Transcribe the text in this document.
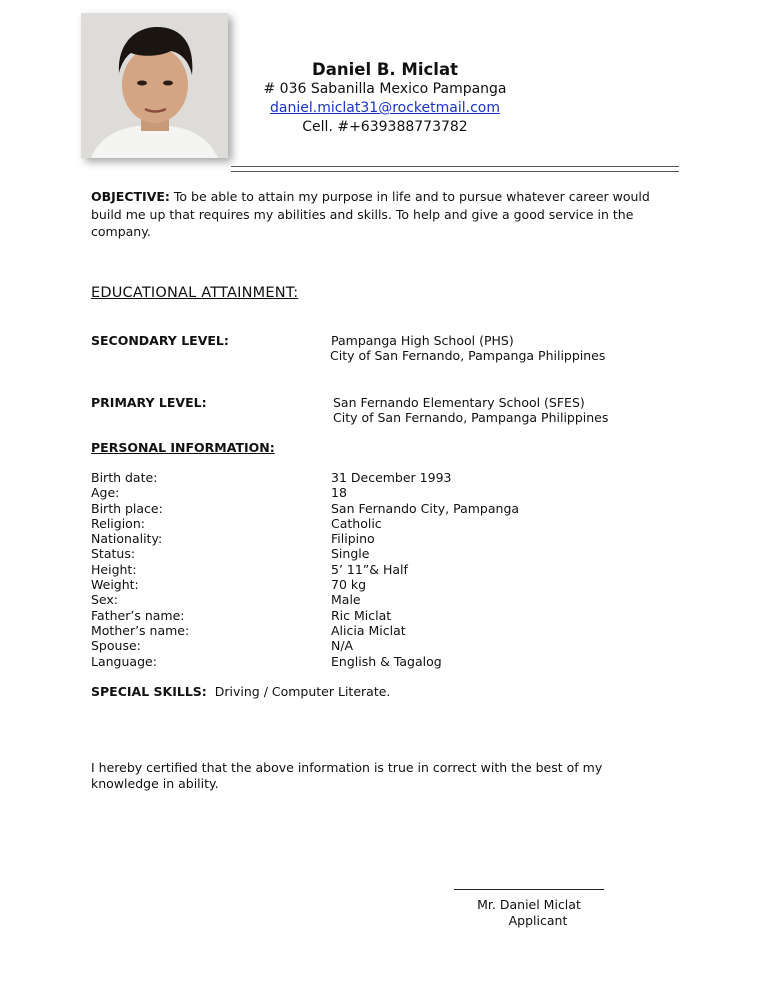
Daniel B. Miclat
# 036 Sabanilla Mexico Pampanga
daniel.miclat31@rocketmail.com
Cell. #+639388773782
OBJECTIVE: To be able to attain my purpose in life and to pursue whatever career would build me up that requires my abilities and skills. To help and give a good service in the company.
EDUCATIONAL ATTAINMENT:
SECONDARY LEVEL:	Pampanga High School (PHS)
City of San Fernando, Pampanga Philippines
PRIMARY LEVEL:	San Fernando Elementary School (SFES)
City of San Fernando, Pampanga Philippines
PERSONAL INFORMATION:
Birth date:
Age:
Birth place:
Religion:
Nationality:
Status:
Height:
Weight:
Sex:
Father’s name:
Mother’s name:
Spouse:
Language:
31 December 1993
18
San Fernando City, Pampanga
Catholic
Filipino
Single
5’ 11”& Half
70 kg
Male
Ric Miclat
Alicia Miclat
N/A
English & Tagalog
SPECIAL SKILLS: Driving / Computer Literate.
I hereby certified that the above information is true in correct with the best of my knowledge in ability.
Mr. Daniel Miclat
Applicant
